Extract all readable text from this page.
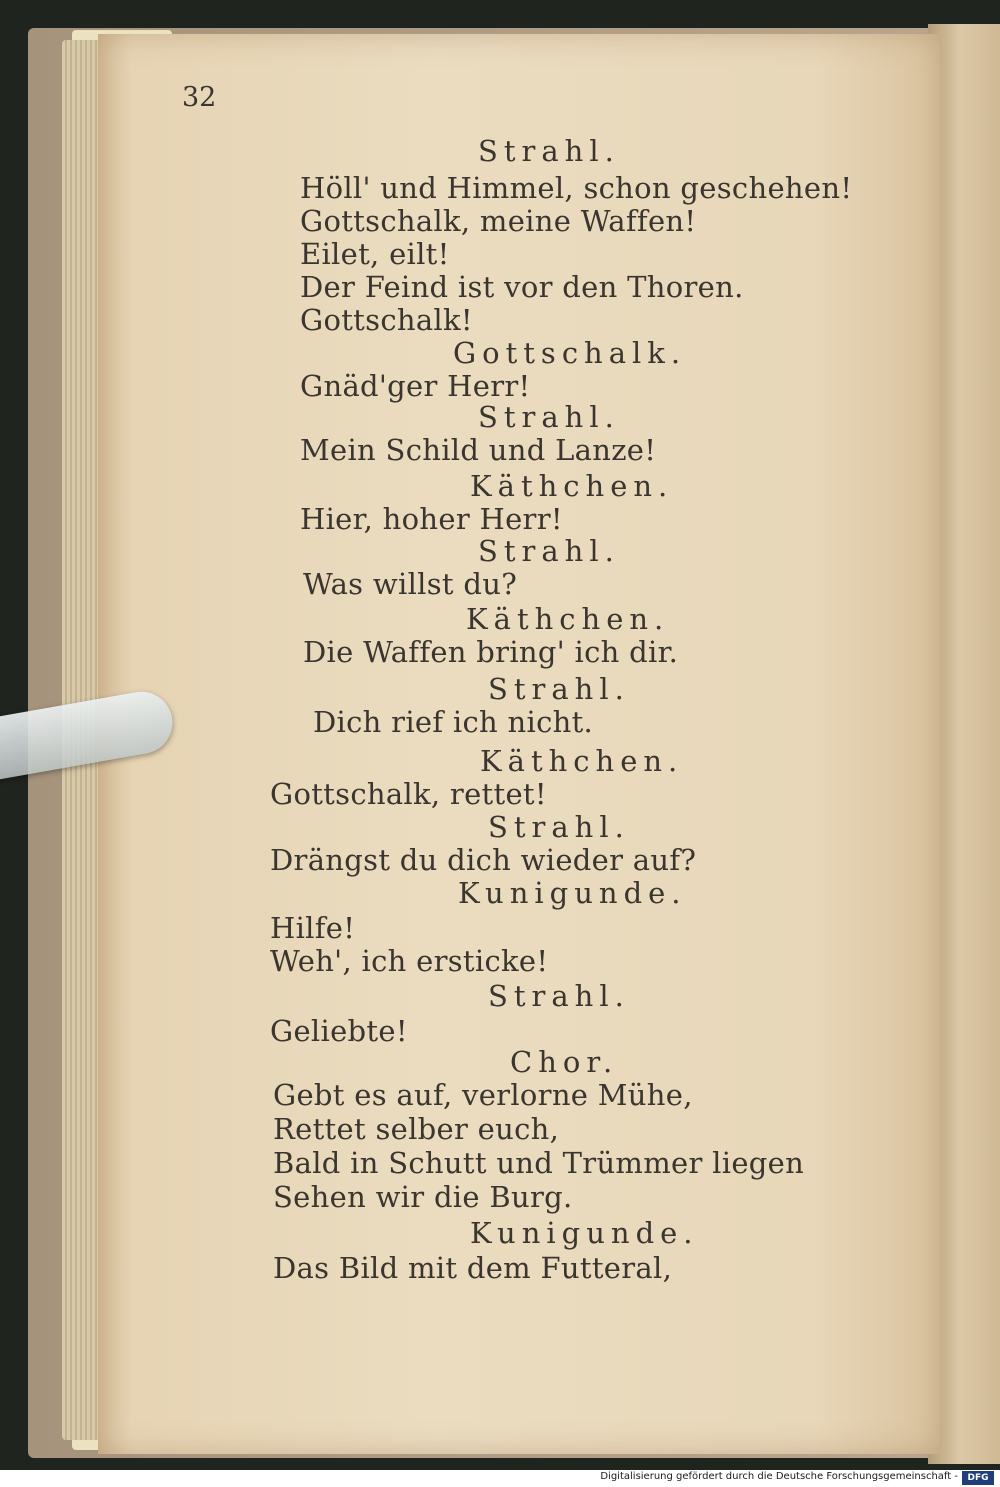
32
Strahl.
Höll' und Himmel, schon geschehen!
Gottschalk, meine Waffen!
Eilet, eilt!
Der Feind ist vor den Thoren.
Gottschalk!
Gottschalk.
Gnäd'ger Herr!
Strahl.
Mein Schild und Lanze!
Käthchen.
Hier, hoher Herr!
Strahl.
Was willst du?
Käthchen.
Die Waffen bring' ich dir.
Strahl.
Dich rief ich nicht.
Käthchen.
Gottschalk, rettet!
Strahl.
Drängst du dich wieder auf?
Kunigunde.
Hilfe!
Weh', ich ersticke!
Strahl.
Geliebte!
Chor.
Gebt es auf, verlorne Mühe,
Rettet selber euch,
Bald in Schutt und Trümmer liegen
Sehen wir die Burg.
Kunigunde.
Das Bild mit dem Futteral,
Digitalisierung gefördert durch die Deutsche Forschungsgemeinschaft -	DFG
